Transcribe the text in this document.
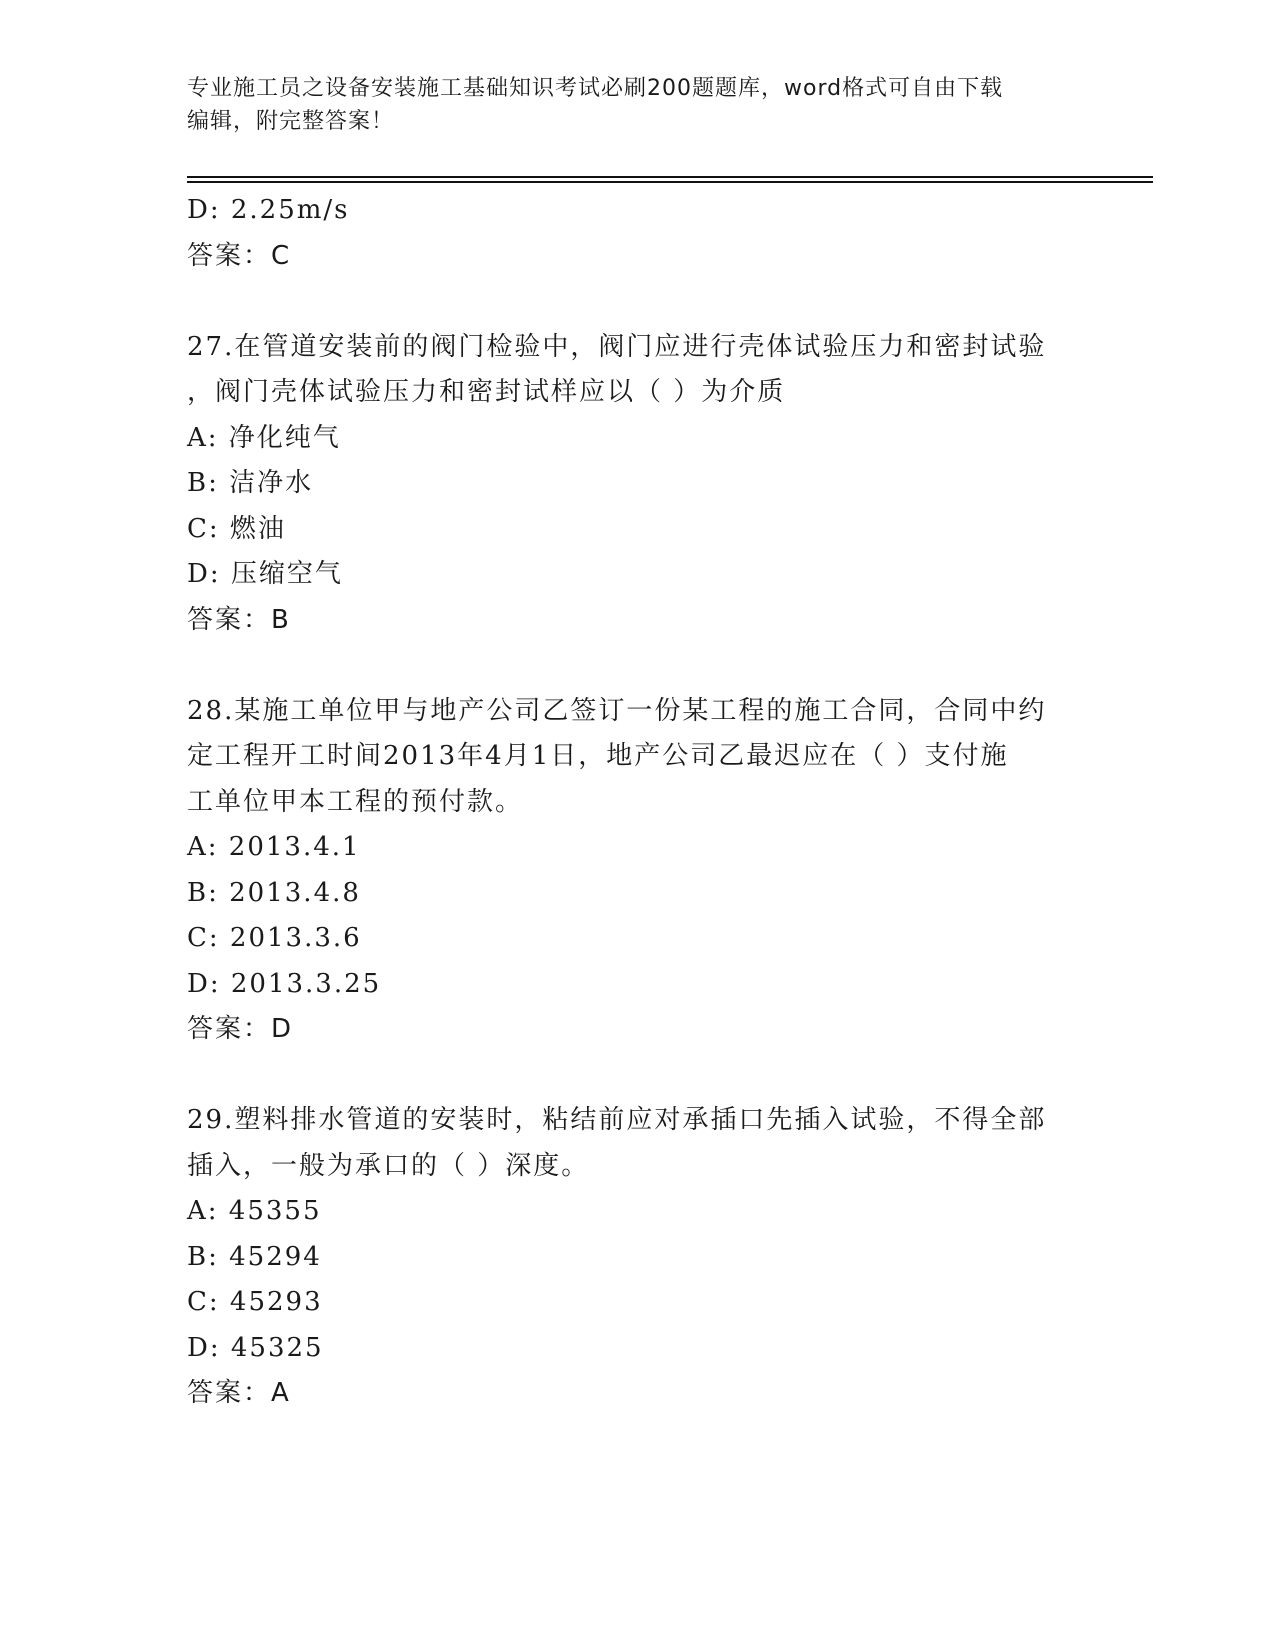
专业施工员之设备安装施工基础知识考试必刷200题题库，word格式可自由下载
编辑，附完整答案！
D: 2.25m/s
答案：C
27.在管道安装前的阀门检验中，阀门应进行壳体试验压力和密封试验
，阀门壳体试验压力和密封试样应以（ ）为介质
A: 净化纯气
B: 洁净水
C: 燃油
D: 压缩空气
答案：B
28.某施工单位甲与地产公司乙签订一份某工程的施工合同，合同中约
定工程开工时间2013年4月1日，地产公司乙最迟应在（ ）支付施
工单位甲本工程的预付款。
A: 2013.4.1
B: 2013.4.8
C: 2013.3.6
D: 2013.3.25
答案：D
29.塑料排水管道的安装时，粘结前应对承插口先插入试验，不得全部
插入，一般为承口的（ ）深度。
A: 45355
B: 45294
C: 45293
D: 45325
答案：A
